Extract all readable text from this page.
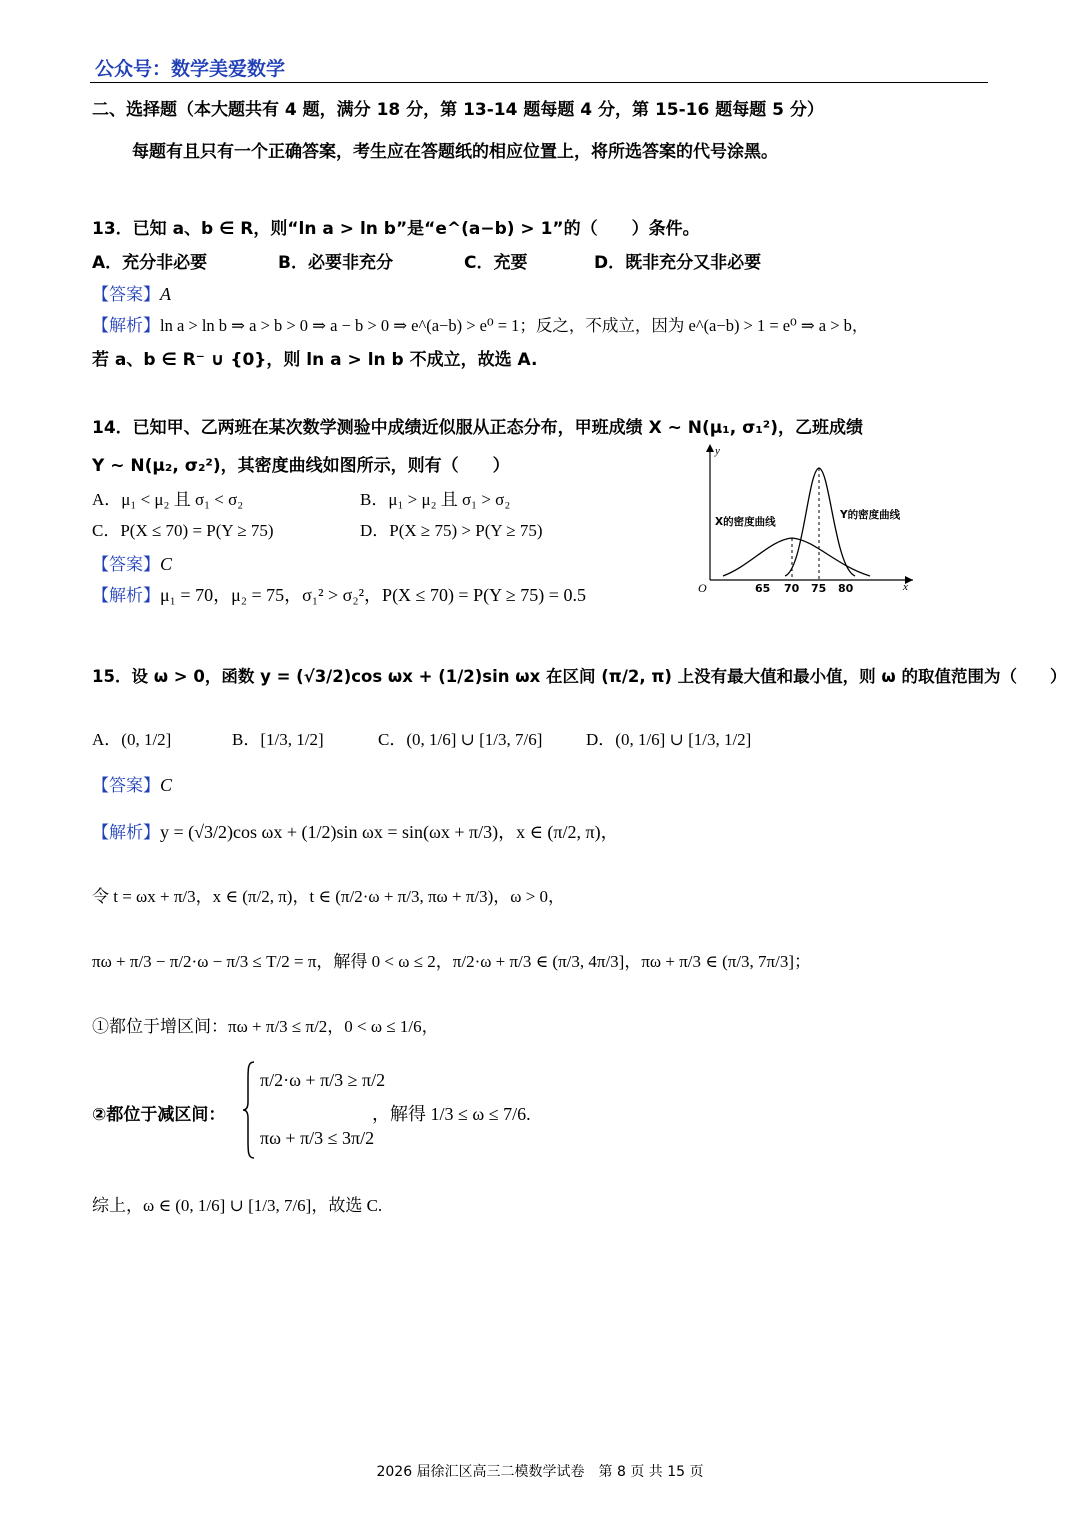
公众号：数学美爱数学
二、选择题（本大题共有 4 题，满分 18 分，第 13-14 题每题 4 分，第 15-16 题每题 5 分）
每题有且只有一个正确答案，考生应在答题纸的相应位置上，将所选答案的代号涂黑。
13．已知 a、b ∈ R，则“ln a > ln b”是“e^(a−b) > 1”的（　　）条件。
A．充分非必要	B．必要非充分	C．充要	D．既非充分又非必要
【答案】A
【解析】ln a > ln b ⇒ a > b > 0 ⇒ a − b > 0 ⇒ e^(a−b) > e⁰ = 1；反之，不成立，因为 e^(a−b) > 1 = e⁰ ⇒ a > b，
若 a、b ∈ R⁻ ∪ {0}，则 ln a > ln b 不成立，故选 A.
14．已知甲、乙两班在某次数学测验中成绩近似服从正态分布，甲班成绩 X ~ N(μ₁, σ₁²)，乙班成绩
Y ~ N(μ₂, σ₂²)，其密度曲线如图所示，则有（　　）
A．μ₁ < μ₂ 且 σ₁ < σ₂	B．μ₁ > μ₂ 且 σ₁ > σ₂
C．P(X ≤ 70) = P(Y ≥ 75)	D．P(X ≥ 75) > P(Y ≥ 75)
【答案】C
【解析】μ₁ = 70，μ₂ = 75，σ₁² > σ₂²，P(X ≤ 70) = P(Y ≥ 75) = 0.5
y
x
O	65 70 75 80
X的密度曲线
Y的密度曲线
15．设 ω > 0，函数 y = (√3/2)cos ωx + (1/2)sin ωx 在区间 (π/2, π) 上没有最大值和最小值，则 ω 的取值范围为（　　）
A．(0, 1/2]	B．[1/3, 1/2]	C．(0, 1/6] ∪ [1/3, 7/6]	D．(0, 1/6] ∪ [1/3, 1/2]
【答案】C
【解析】y = (√3/2)cos ωx + (1/2)sin ωx = sin(ωx + π/3)，x ∈ (π/2, π)，
令 t = ωx + π/3，x ∈ (π/2, π)，t ∈ (π/2·ω + π/3, πω + π/3)，ω > 0，
πω + π/3 − π/2·ω − π/3 ≤ T/2 = π，解得 0 < ω ≤ 2，π/2·ω + π/3 ∈ (π/3, 4π/3]，πω + π/3 ∈ (π/3, 7π/3]；
①都位于增区间：πω + π/3 ≤ π/2，0 < ω ≤ 1/6，
②都位于减区间：
π/2·ω + π/3 ≥ π/2
πω + π/3 ≤ 3π/2
，解得 1/3 ≤ ω ≤ 7/6.
综上，ω ∈ (0, 1/6] ∪ [1/3, 7/6]，故选 C.
2026 届徐汇区高三二模数学试卷　第 8 页 共 15 页
